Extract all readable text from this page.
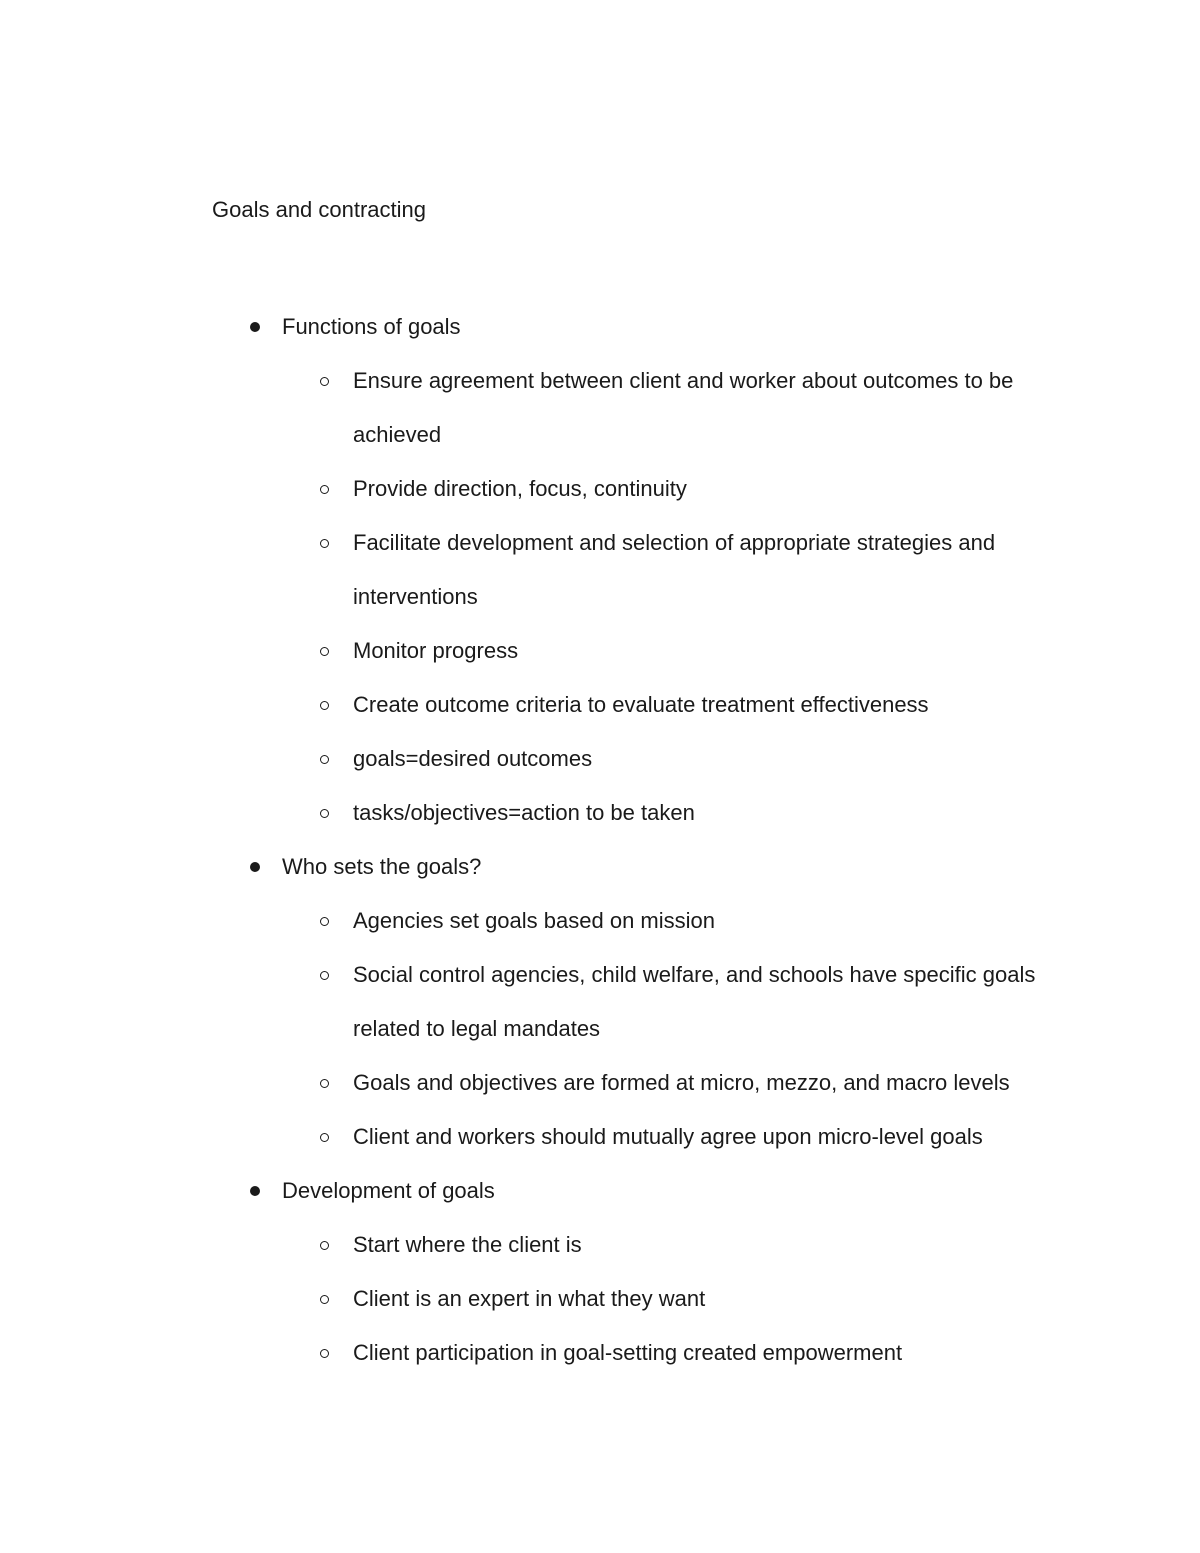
Goals and contracting
Functions of goals
Ensure agreement between client and worker about outcomes to be achieved
Provide direction, focus, continuity
Facilitate development and selection of appropriate strategies and interventions
Monitor progress
Create outcome criteria to evaluate treatment effectiveness
goals=desired outcomes
tasks/objectives=action to be taken
Who sets the goals?
Agencies set goals based on mission
Social control agencies, child welfare, and schools have specific goals related to legal mandates
Goals and objectives are formed at micro, mezzo, and macro levels
Client and workers should mutually agree upon micro-level goals
Development of goals
Start where the client is
Client is an expert in what they want
Client participation in goal-setting created empowerment
